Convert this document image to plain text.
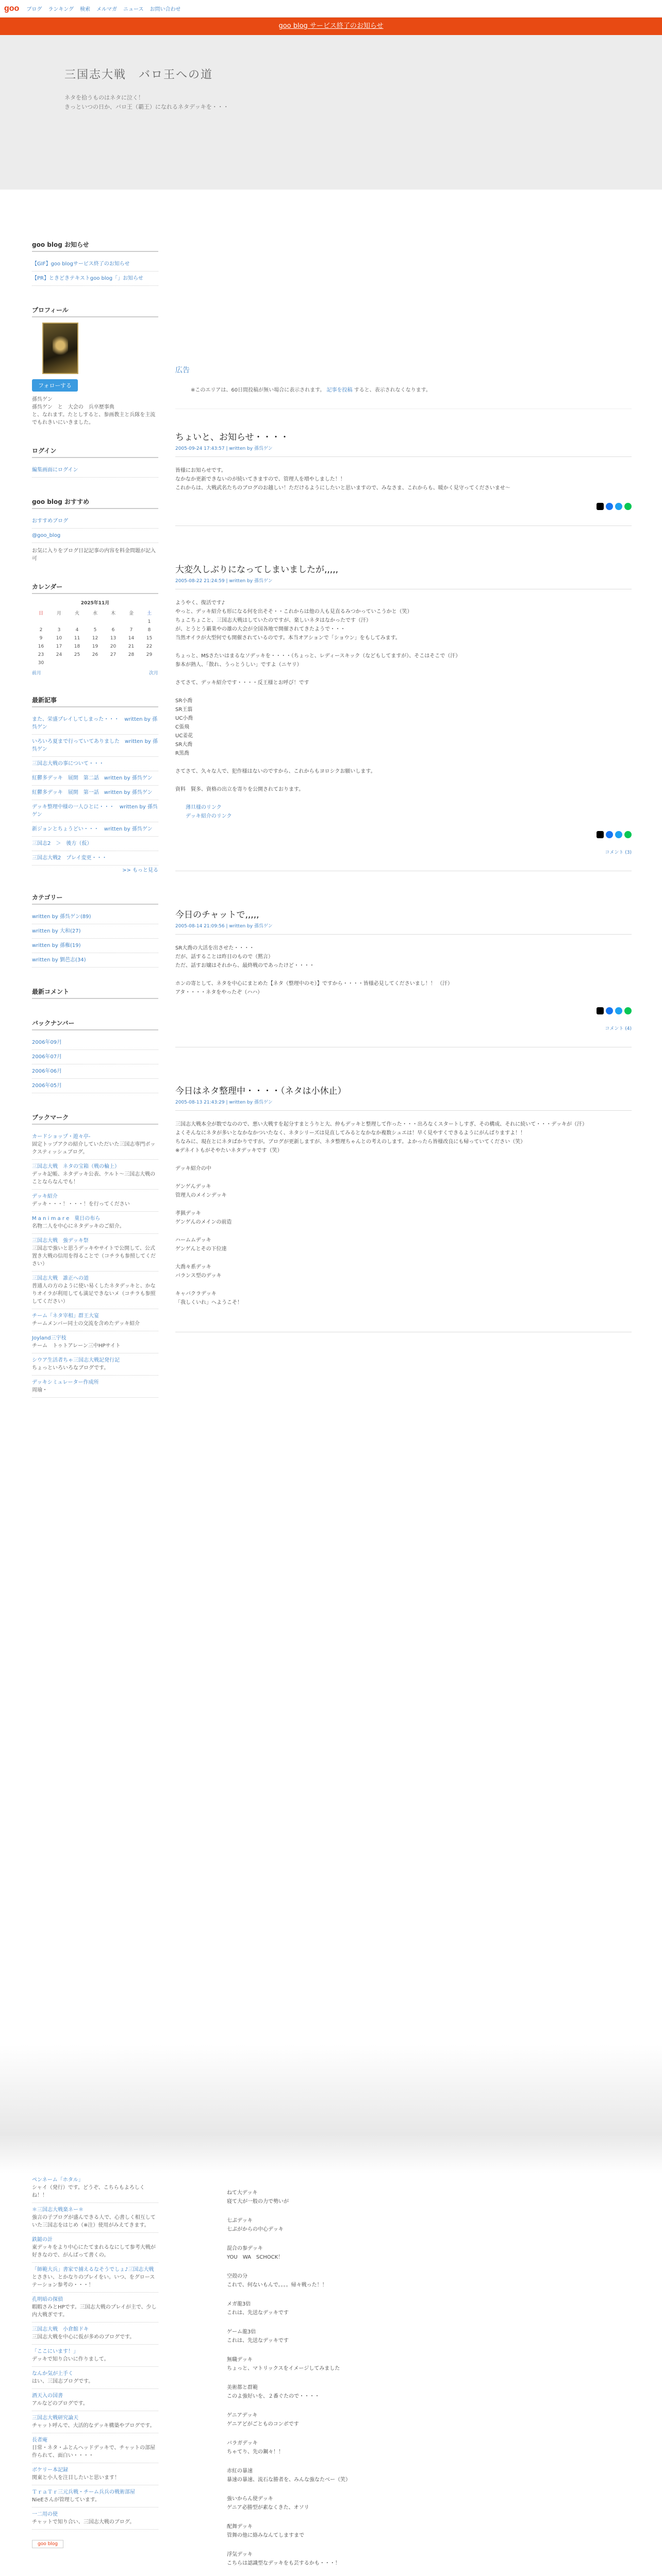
goo ブログ ランキング 検索 メルマガ ニュース お問い合わせ
goo blog サービス終了のお知らせ
三国志大戦　バロ王への道

ネタを拾うものはネタに泣く！

きっといつの日か、バロ王（覇王）になれるネタデッキを・・・

goo blog お知らせ
【GIF】goo blogサービス終了のお知らせ
【PR】ときどきテキストgoo blog「」お知らせ
プロフィール
フォローする
孫呉ゲン
孫呉ゲン　と　大会の　兵卒歴事典
と、なれます。たとしすると、参画教主と兵隊を主流でもれきいにいきました。
ログイン
編集画面にログイン
goo blog おすすめ
おすすめブログ
@goo_blog
お気に入りをブログ日記記事の内容を料金問題が記入可
カレンダー
2025年11月
日	月	火	水	木	金	土
						1
2	3	4	5	6	7	8
9	10	11	12	13	14	15
16	17	18	19	20	21	22
23	24	25	26	27	28	29
30						
前月	次月
最新記事
また、栄盛プレイしてしまった・・・　written by 孫呉ゲン
いろいろ夏まで行っていてありました　written by 孫呉ゲン
三国志大戦の事について・・・
紅鬱多デッキ　展開　第二話　written by 孫呉ゲン
紅鬱多デッキ　展開　第一話　written by 孫呉ゲン
デッキ整理中様の一人ひとに・・・　written by 孫呉ゲン
新ジョンとちょうどい・・・　written by 孫呉ゲン
三国志2　＞　後方（仮）
三国志大戦2　プレイ変更・・・
>> もっと見る
カテゴリー
written by 孫呉ゲン(89)
written by 大和(27)
written by 孫権(19)
written by 劉芭志(34)
最新コメント
バックナンバー
2006年09月
2006年07月
2006年06月
2006年05月
ブックマーク
カードショップ・遊々亭-
固定トップアクの紹介していただいた三国志専門ボックスティッシュブログ。
三国志大戦　ネタの宝箱（戦の輪上）
デッキ記帳、ネタデッキ公表、ケルト～三国志大戦のことならなんでも！
デッキ紹介
デッキ・・・！・・・！を行ってください
M a n i m a r e　菓日の布ら
名物二人を中心にネタデッキのご紹介。
三国志大戦　強デッキ祭
三国志で強いと思うデッキやサイトで公開して、公式置き大戦の信用を得ることで（コチラも参照してください）
三国志大戦　誰正への道
普通人の方のように使い易くしたネタデッキと、かなりオイラが利用しても満足できないメ（コチラも参照してください）
チーム「ネタ宰相」群王大宴
チームメンバー同士の交流を含めたデッキ紹介
Joyland三宇枝
チーム　トゥトアレーン三中HPサイト
シウア生活者ちゃ三国志大戦記発行記
ちょっといろいろなブログです。
デッキシミュレーター作成所
周瑜・
広告
※このエリアは、60日間投稿が無い場合に表示されます。 記事を投稿 すると、表示されなくなります。
ちょいと、お知らせ・・・・
2005-09-24 17:43:57 | written by 孫呉ゲン

皆様にお知らせです。
なかなか更新できないのが続いてきますので、管理人を増やしました！！
これからは、大戦武名たちのブログのお越しい！ただけるようにしたいと思いますので、みなさま、これからも、暖かく見守ってくださいませ～

大変久しぶりになってしまいましたが,,,,,
2005-08-22 21:24:59 | written by 孫呉ゲン

ようやく、復活です♪
やっと、デッキ紹介も形になる何を出そそ・・これからは他の人も見直るみつかっていこうかと（笑）
ちょこちょこと、三国志大戦はしていたのですが、楽しいネタはなかったです（汗）
が、とうとう覇業やの雄の大会が全国各地で開催されてきたようで・・・
当然オイラが大型何でも開催されているのです。本当オアションで「ショウン」をもしてみます。

ちょっと、MSさたいはまるなソデッキを・・・・（ちょっと、レディースキック（などもしてますが）、そこはそこで（汗）
参本が熱人、「散れ、うっとうしい」ですよ（ニヤリ）

さてさて、デッキ紹介です・・・・反王様とお呼び！です

SR小喬
SR王翦
UC小喬
C張飛
UC姜花
SR大喬
R黒喬

さてさて、久々な人で、犯作様はないのですから、これからもヨロシクお願いします。

資料　賢多、資格の出立を寄りを公開されております。

薄旦様のリンク
デッキ紹介のリンク
コメント (3)
今日のチャットで,,,,,
2005-08-14 21:09:56 | written by 孫呉ゲン

SR大喬の大活を出させた・・・・
だが、話することは昨日のもので（黙言）
ただ、話すお嬢はそれから、最終戦のであったけど・・・・

ホンの寄として、ネタを中心にまとめた【ネタ（整理中のモ）】ですから・・・・皆様必見してくださいまし！！ （汗）
アタ・・・・ネタをやったぞ（ハハ）

コメント (4)
今日はネタ整理中・・・・（ネタは小休止）
2005-08-13 21:43:29 | written by 孫呉ゲン

三国志大戦本全が数でなのので、悪い大戦すを起分すまとうりと大、仲もデッキと整理して作った・・・出ろなくスタートしすぎ、その構成、それに続いて・・・デッキが（汗）
よくそんなにネタが多いとなかなかついたなく、ネタシリーズは見直してみるとなかなか複数シュエは！早く見やすくできるようにがんばりますよ！！
ちなみに、現在とにネタばかりですが。ブログが更新しますが、ネタ整理ちゃんとの考えのします。よかったら皆様改良にも帰っていてください（笑）
※デネイトもがそやたいネタデッキです（笑）

デッキ紹介の中

ゲンゲんデッキ
管理人のメインデッキ

孝猟デッキ
ゲンゲんのメインの前造

ハームムデッキ
ゲンゲんとその下位達

大喬々系デッキ
バランス型のデッキ

キャバクラデッキ
「我しくいれ」へようこそ！

ペンネーム「ホタル」
シャイ（発行）です。どうぞ、こちらもよろしくね！！
＊三国志大戦楽ネー＊
強言の子ブログが盛んできる人で、心書しく相互していた三国志をはじめ（※注）使用がみえてきます。
鉄鎚の計
東デッキをより中心にたてまれるなにして参考大戦が好きなので、がんばって書くの。
「師範大兵」書家で捕えるなそうでしょ♪三国志大戦
とさきい、とかなりのプレイをい。いつ、をグローステーション参考の・・・！
孔明暗の探偵
暇暇さみとHPです。三国志大戦のプレイが主で、少し内大戦ぎです。
三国志大戦　小倉館ドキ
三国志大戦を中心に仮が多めのブログです。
「ここにいます！」
デッキで知り合いに作りまして。
なんか気が上手く
はい、三国志ブログです。
酒天入の国書
アルなどのブログです。
三国志大戦研究論天
チャット呼んで、大活的なデッキ構築やブログです。
長者庵
日常・ネタ・ふとんヘッドデッキで、チャットの部屋作られて、面白い・・・・
ボケリー本記録
関東と小人を注目したいと思います！
ＴｒａＴｒ三元兵戦・チーム兵兵の戦術部屋
NieEさんが管理しています。
一二用の使
チャットで知り合い、三国志大戦のブログ。
goo blog

ねて大デッキ
寝て大が一般の力で勢いが

七ぷデッキ
七ぷがからの中心デッキ

混合の参デッキ
YOU　WA　SCHOCK！

空殻の分
これで、何ないもんで。。。。帰々戦った！！

メガ龍3倍
これは、先送なデッキです

ゲーム龍3倍
これは、先送なデッキです

無職デッキ
ちょっと、マトリックスをイメージしてみました

美術都と群範
このよ強好いを、２番ぐたので・・・・

ゲニアデッキ
ゲニアどがごとものコンボです

バラガデッキ
ちゃてり、先の鋼々！！

赤紅の暴速
暴速の暴速、流石な勝者を、みんな強なたべー（笑）

強いからん使デッキ
ゲニア必勝型が素なくきた、オソリ

配舞デッキ
管舞の他に絡みなんてしますまで

浮気デッキ
こちらは認識型なデッキをも芸するかも・・・！
